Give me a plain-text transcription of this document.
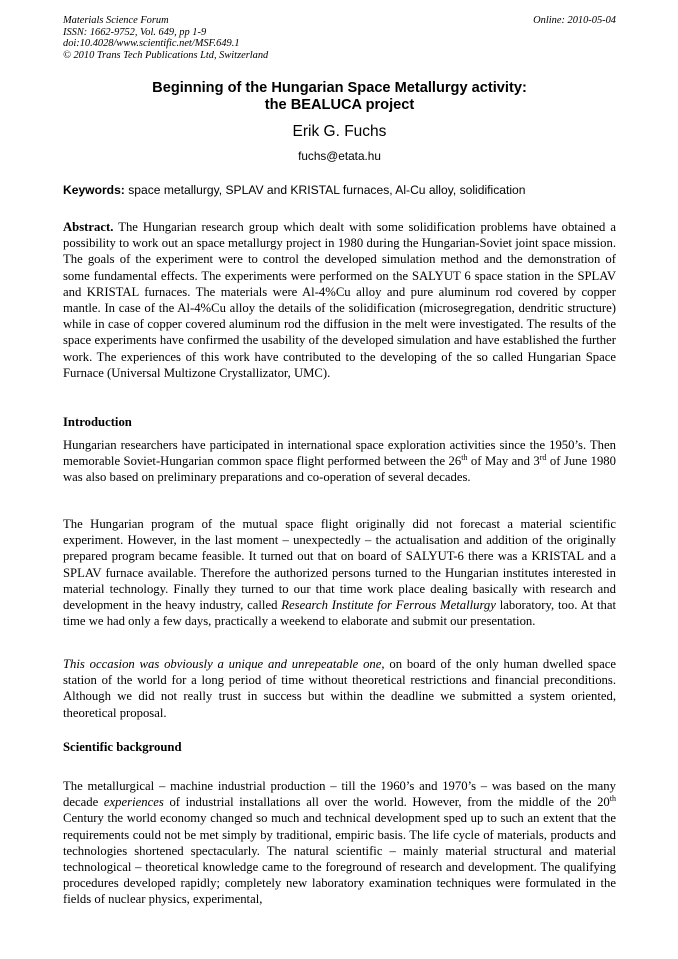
Materials Science Forum
ISSN: 1662-9752, Vol. 649, pp 1-9
doi:10.4028/www.scientific.net/MSF.649.1
© 2010 Trans Tech Publications Ltd, Switzerland
Online: 2010-05-04
Beginning of the Hungarian Space Metallurgy activity:
the BEALUCA project
Erik G. Fuchs
fuchs@etata.hu
Keywords: space metallurgy, SPLAV and KRISTAL furnaces, Al-Cu alloy, solidification
Abstract. The Hungarian research group which dealt with some solidification problems have obtained a possibility to work out an space metallurgy project in 1980 during the Hungarian-Soviet joint space mission. The goals of the experiment were to control the developed simulation method and the demonstration of some fundamental effects. The experiments were performed on the SALYUT 6 space station in the SPLAV and KRISTAL furnaces. The materials were Al-4%Cu alloy and pure aluminum rod covered by copper mantle. In case of the Al-4%Cu alloy the details of the solidification (microsegregation, dendritic structure) while in case of copper covered aluminum rod the diffusion in the melt were investigated. The results of the space experiments have confirmed the usability of the developed simulation and have established the further work. The experiences of this work have contributed to the developing of the so called Hungarian Space Furnace (Universal Multizone Crystallizator, UMC).
Introduction
Hungarian researchers have participated in international space exploration activities since the 1950’s. Then memorable Soviet-Hungarian common space flight performed between the 26th of May and 3rd of June 1980 was also based on preliminary preparations and co-operation of several decades.
The Hungarian program of the mutual space flight originally did not forecast a material scientific experiment. However, in the last moment – unexpectedly – the actualisation and addition of the originally prepared program became feasible. It turned out that on board of SALYUT-6 there was a KRISTAL and a SPLAV furnace available. Therefore the authorized persons turned to the Hungarian institutes interested in material technology. Finally they turned to our that time work place dealing basically with research and development in the heavy industry, called Research Institute for Ferrous Metallurgy laboratory, too. At that time we had only a few days, practically a weekend to elaborate and submit our presentation.
This occasion was obviously a unique and unrepeatable one, on board of the only human dwelled space station of the world for a long period of time without theoretical restrictions and financial preconditions. Although we did not really trust in success but within the deadline we submitted a system oriented, theoretical proposal.
Scientific background
The metallurgical – machine industrial production – till the 1960’s and 1970’s – was based on the many decade experiences of industrial installations all over the world. However, from the middle of the 20th Century the world economy changed so much and technical development sped up to such an extent that the requirements could not be met simply by traditional, empiric basis. The life cycle of materials, products and technologies shortened spectacularly. The natural scientific – mainly material structural and material technological – theoretical knowledge came to the foreground of research and development. The qualifying procedures developed rapidly; completely new laboratory examination techniques were formulated in the fields of nuclear physics, experimental,
